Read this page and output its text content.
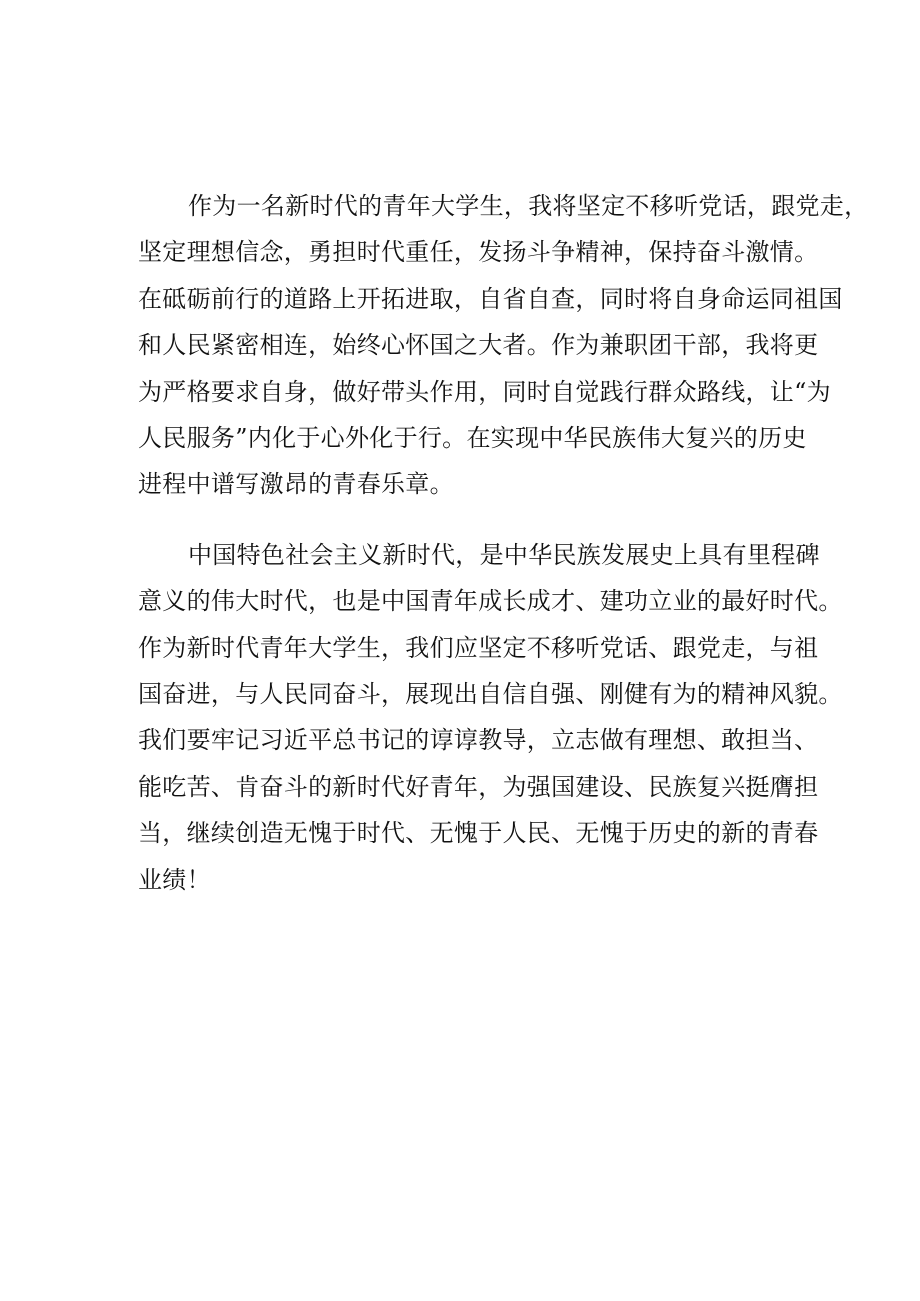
作为一名新时代的青年大学生，我将坚定不移听党话，跟党走，
坚定理想信念，勇担时代重任，发扬斗争精神，保持奋斗激情。
在砥砺前行的道路上开拓进取，自省自查，同时将自身命运同祖国
和人民紧密相连，始终心怀国之大者。作为兼职团干部，我将更
为严格要求自身，做好带头作用，同时自觉践行群众路线，让“为
人民服务”内化于心外化于行。在实现中华民族伟大复兴的历史
进程中谱写激昂的青春乐章。

中国特色社会主义新时代，是中华民族发展史上具有里程碑
意义的伟大时代，也是中国青年成长成才、建功立业的最好时代。
作为新时代青年大学生，我们应坚定不移听党话、跟党走，与祖
国奋进，与人民同奋斗，展现出自信自强、刚健有为的精神风貌。
我们要牢记习近平总书记的谆谆教导，立志做有理想、敢担当、
能吃苦、肯奋斗的新时代好青年，为强国建设、民族复兴挺膺担
当，继续创造无愧于时代、无愧于人民、无愧于历史的新的青春
业绩！
